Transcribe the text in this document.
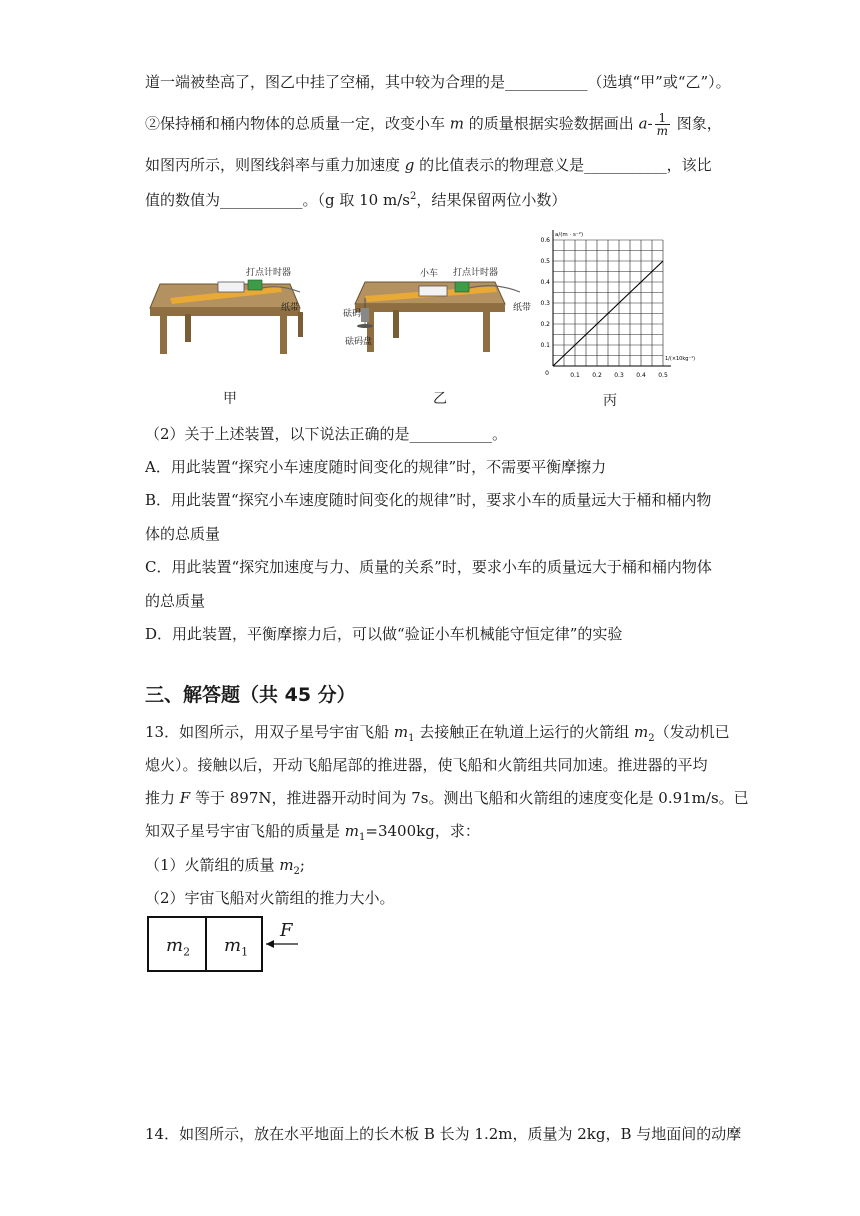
道一端被垫高了，图乙中挂了空桶，其中较为合理的是___________（选填“甲”或“乙”）。
②保持桶和桶内物体的总质量一定，改变小车 m 的质量根据实验数据画出 $a- \frac{1}{m}$ 图象，
如图丙所示，则图线斜率与重力加速度 g 的比值表示的物理意义是___________，该比
值的数值为___________。（g 取 10 $m/s^2$，结果保留两位小数）
打点计时器
纸带
甲
小车 打点计时器
纸带
砝码
砝码盘
乙
0.1 0.2 0.3 0.4 0.5
0.1
0.2
0.3
0.4
0.5
0.6
0
a/(m · s⁻²)
1/(×10kg⁻¹)
丙
（2）关于上述装置，以下说法正确的是___________。
A．用此装置“探究小车速度随时间变化的规律”时，不需要平衡摩擦力
B．用此装置“探究小车速度随时间变化的规律”时，要求小车的质量远大于桶和桶内物
体的总质量
C．用此装置“探究加速度与力、质量的关系”时，要求小车的质量远大于桶和桶内物体
的总质量
D．用此装置，平衡摩擦力后，可以做“验证小车机械能守恒定律”的实验
三、解答题（共 45 分）
13．如图所示，用双子星号宇宙飞船 $m_1$ 去接触正在轨道上运行的火箭组 $m_2$（发动机已
熄火）。接触以后，开动飞船尾部的推进器，使飞船和火箭组共同加速。推进器的平均
推力 F 等于 897N，推进器开动时间为 7s。测出飞船和火箭组的速度变化是 0.91m/s。已
知双子星号宇宙飞船的质量是 $m_1=3400kg$，求：
（1）火箭组的质量 $m_2$;
（2）宇宙飞船对火箭组的推力大小。
$m_2$ $m_1$
F
14．如图所示，放在水平地面上的长木板 B 长为 1.2m，质量为 2kg，B 与地面间的动摩
